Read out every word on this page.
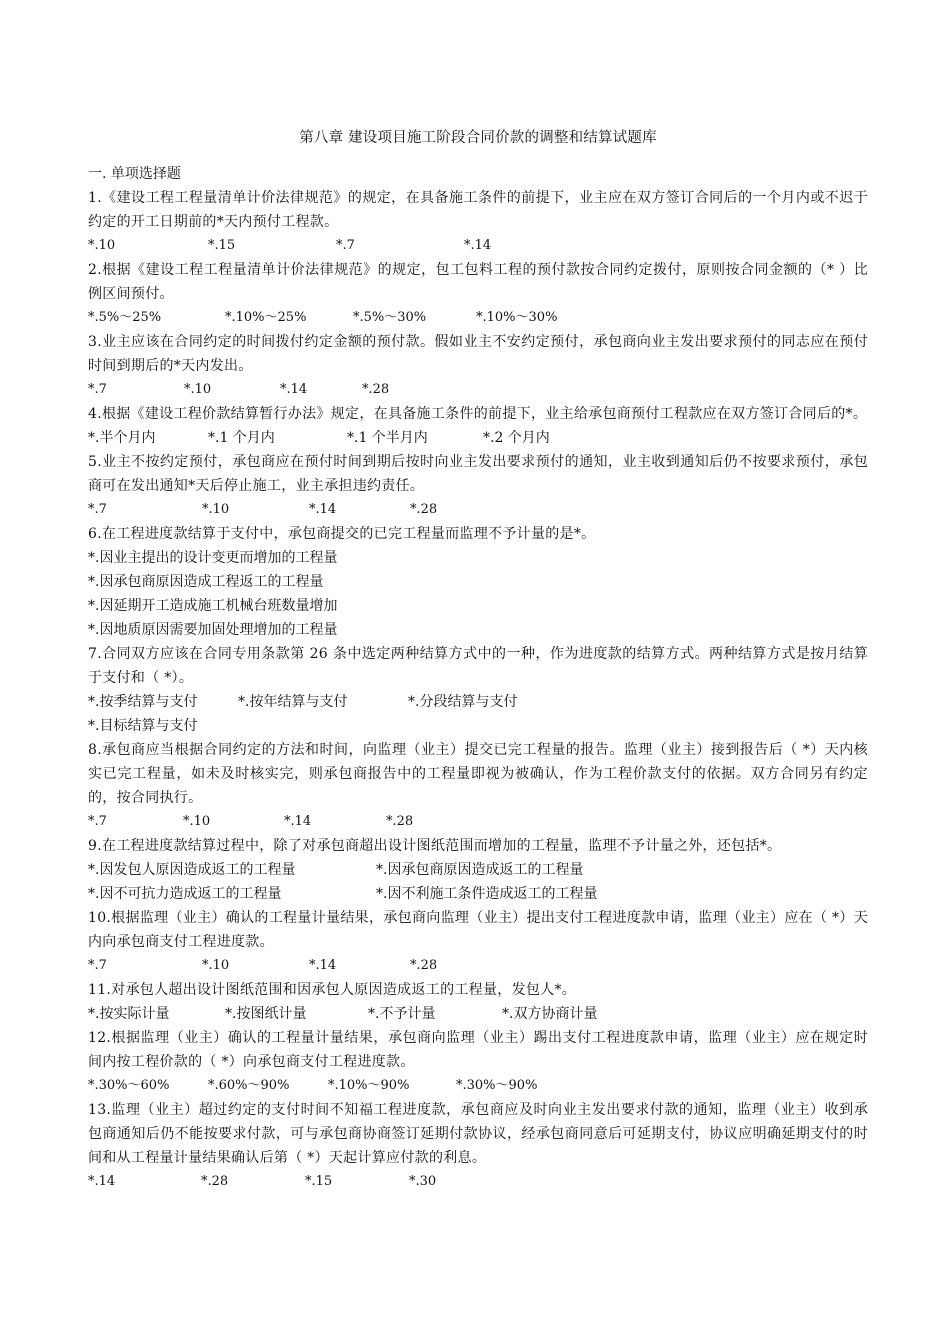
第八章 建设项目施工阶段合同价款的调整和结算试题库

一. 单项选择题

1.《建设工程工程量清单计价法律规范》的规定，在具备施工条件的前提下，业主应在双方签订合同后的一个月内或不迟于约定的开工日期前的*天内预付工程款。

*.10	*.15	*.7	*.14

2.根据《建设工程工程量清单计价法律规范》的规定，包工包料工程的预付款按合同约定拨付，原则按合同金额的（* ）比例区间预付。

*.5%～25%	*.10%～25%	*.5%～30%	*.10%～30%

3.业主应该在合同约定的时间拨付约定金额的预付款。假如业主不安约定预付，承包商向业主发出要求预付的同志应在预付时间到期后的*天内发出。

*.7	*.10	*.14	*.28

4.根据《建设工程价款结算暂行办法》规定，在具备施工条件的前提下，业主给承包商预付工程款应在双方签订合同后的*。

*.半个月内	*.1 个月内	*.1 个半月内	*.2 个月内

5.业主不按约定预付，承包商应在预付时间到期后按时向业主发出要求预付的通知，业主收到通知后仍不按要求预付，承包商可在发出通知*天后停止施工，业主承担违约责任。

*.7	*.10	*.14	*.28

6.在工程进度款结算于支付中，承包商提交的已完工程量而监理不予计量的是*。

*.因业主提出的设计变更而增加的工程量

*.因承包商原因造成工程返工的工程量

*.因延期开工造成施工机械台班数量增加

*.因地质原因需要加固处理增加的工程量

7.合同双方应该在合同专用条款第 26 条中选定两种结算方式中的一种，作为进度款的结算方式。两种结算方式是按月结算于支付和（ *）。

*.按季结算与支付	*.按年结算与支付	*.分段结算与支付

*.目标结算与支付

8.承包商应当根据合同约定的方法和时间，向监理（业主）提交已完工程量的报告。监理（业主）接到报告后（ *）天内核实已完工程量，如未及时核实完，则承包商报告中的工程量即视为被确认，作为工程价款支付的依据。双方合同另有约定的，按合同执行。

*.7	*.10	*.14	*.28

9.在工程进度款结算过程中，除了对承包商超出设计图纸范围而增加的工程量，监理不予计量之外，还包括*。

*.因发包人原因造成返工的工程量	*.因承包商原因造成返工的工程量

*.因不可抗力造成返工的工程量	*.因不利施工条件造成返工的工程量

10.根据监理（业主）确认的工程量计量结果，承包商向监理（业主）提出支付工程进度款申请，监理（业主）应在（ *）天内向承包商支付工程进度款。

*.7	*.10	*.14	*.28

11.对承包人超出设计图纸范围和因承包人原因造成返工的工程量，发包人*。

*.按实际计量	*.按图纸计量	*.不予计量	*.双方协商计量

12.根据监理（业主）确认的工程量计量结果，承包商向监理（业主）踢出支付工程进度款申请，监理（业主）应在规定时间内按工程价款的（ *）向承包商支付工程进度款。

*.30%～60%	*.60%～90%	*.10%～90%	*.30%～90%

13.监理（业主）超过约定的支付时间不知福工程进度款，承包商应及时向业主发出要求付款的通知，监理（业主）收到承包商通知后仍不能按要求付款，可与承包商协商签订延期付款协议，经承包商同意后可延期支付，协议应明确延期支付的时间和从工程量计量结果确认后第（ *）天起计算应付款的利息。

*.14	*.28	*.15	*.30
